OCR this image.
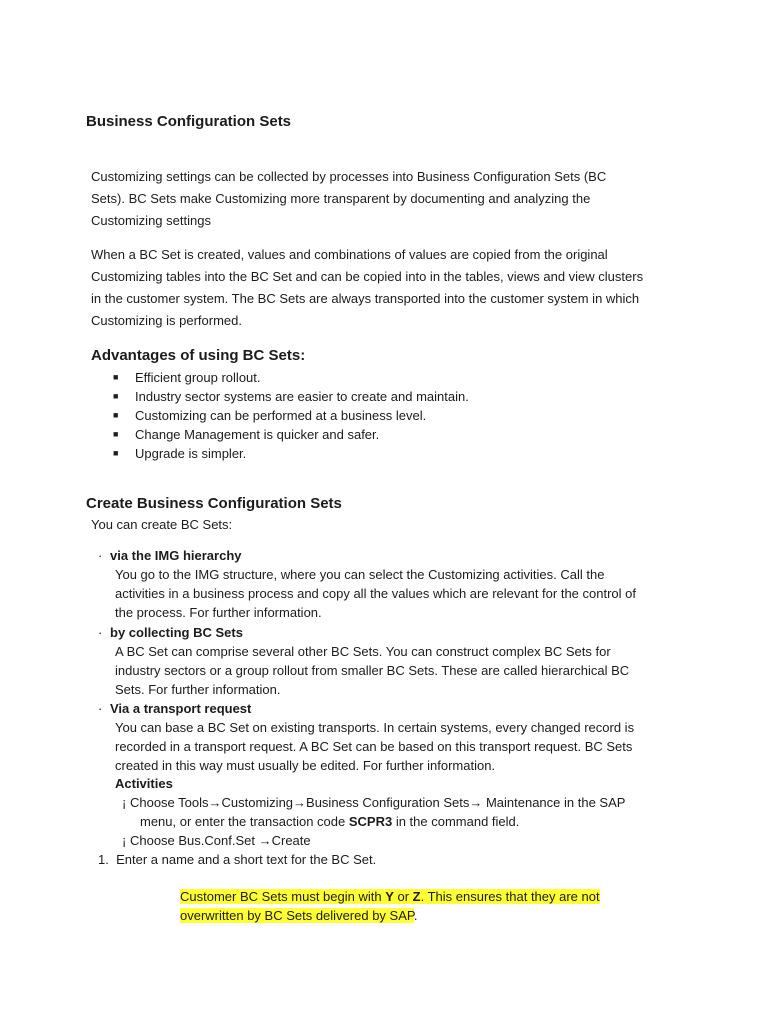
Business Configuration Sets
Customizing settings can be collected by processes into Business Configuration Sets (BC
Sets). BC Sets make Customizing more transparent by documenting and analyzing the
Customizing settings
When a BC Set is created, values and combinations of values are copied from the original
Customizing tables into the BC Set and can be copied into in the tables, views and view clusters
in the customer system. The BC Sets are always transported into the customer system in which
Customizing is performed.
Advantages of using BC Sets:
■ Efficient group rollout.
■ Industry sector systems are easier to create and maintain.
■ Customizing can be performed at a business level.
■ Change Management is quicker and safer.
■ Upgrade is simpler.
Create Business Configuration Sets
You can create BC Sets:
· via the IMG hierarchy
You go to the IMG structure, where you can select the Customizing activities. Call the
activities in a business process and copy all the values which are relevant for the control of
the process. For further information.
· by collecting BC Sets
A BC Set can comprise several other BC Sets. You can construct complex BC Sets for
industry sectors or a group rollout from smaller BC Sets. These are called hierarchical BC
Sets. For further information.
· Via a transport request
You can base a BC Set on existing transports. In certain systems, every changed record is
recorded in a transport request. A BC Set can be based on this transport request. BC Sets
created in this way must usually be edited. For further information.
Activities
¡ Choose Tools→Customizing→Business Configuration Sets→ Maintenance in the SAP
menu, or enter the transaction code SCPR3 in the command field.
¡ Choose Bus.Conf.Set →Create
1. Enter a name and a short text for the BC Set.
Customer BC Sets must begin with Y or Z. This ensures that they are not
overwritten by BC Sets delivered by SAP.
